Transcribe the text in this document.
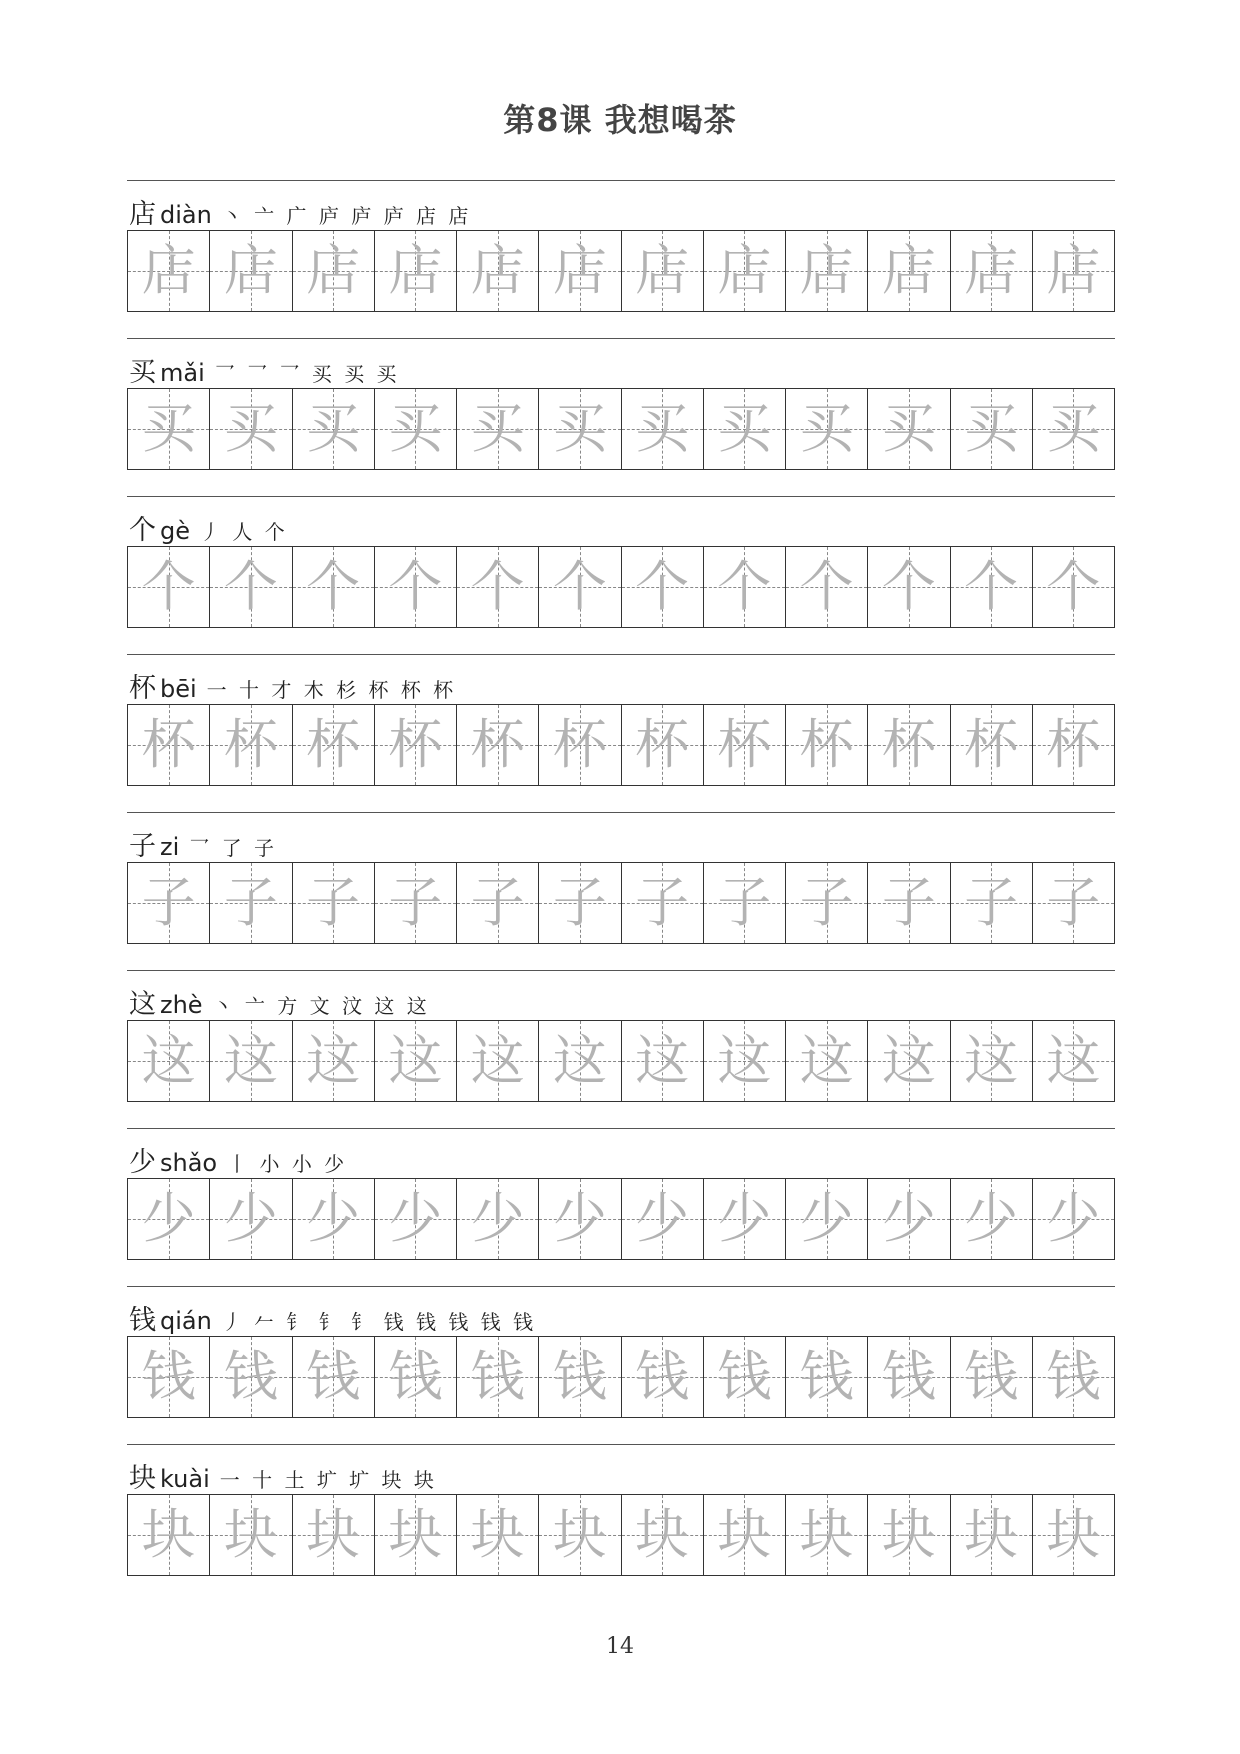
第8课 我想喝茶
店 diàn 丶 亠 广 庐 庐 庐 店 店
店 店 店 店 店 店 店 店 店 店 店 店
买 mǎi 乛 乛 乛 买 买 买
买 买 买 买 买 买 买 买 买 买 买 买
个 gè 丿 人 个
个 个 个 个 个 个 个 个 个 个 个 个
杯 bēi 一 十 才 木 杉 杯 杯 杯
杯 杯 杯 杯 杯 杯 杯 杯 杯 杯 杯 杯
子 zi 乛 了 子
子 子 子 子 子 子 子 子 子 子 子 子
这 zhè 丶 亠 方 文 汶 这 这
这 这 这 这 这 这 这 这 这 这 这 这
少 shǎo 丨 小 小 少
少 少 少 少 少 少 少 少 少 少 少 少
钱 qián 丿 𠂉 钅 钅 钅 钱 钱 钱 钱 钱
钱 钱 钱 钱 钱 钱 钱 钱 钱 钱 钱 钱
块 kuài 一 十 土 圹 圹 块 块
块 块 块 块 块 块 块 块 块 块 块 块
14
